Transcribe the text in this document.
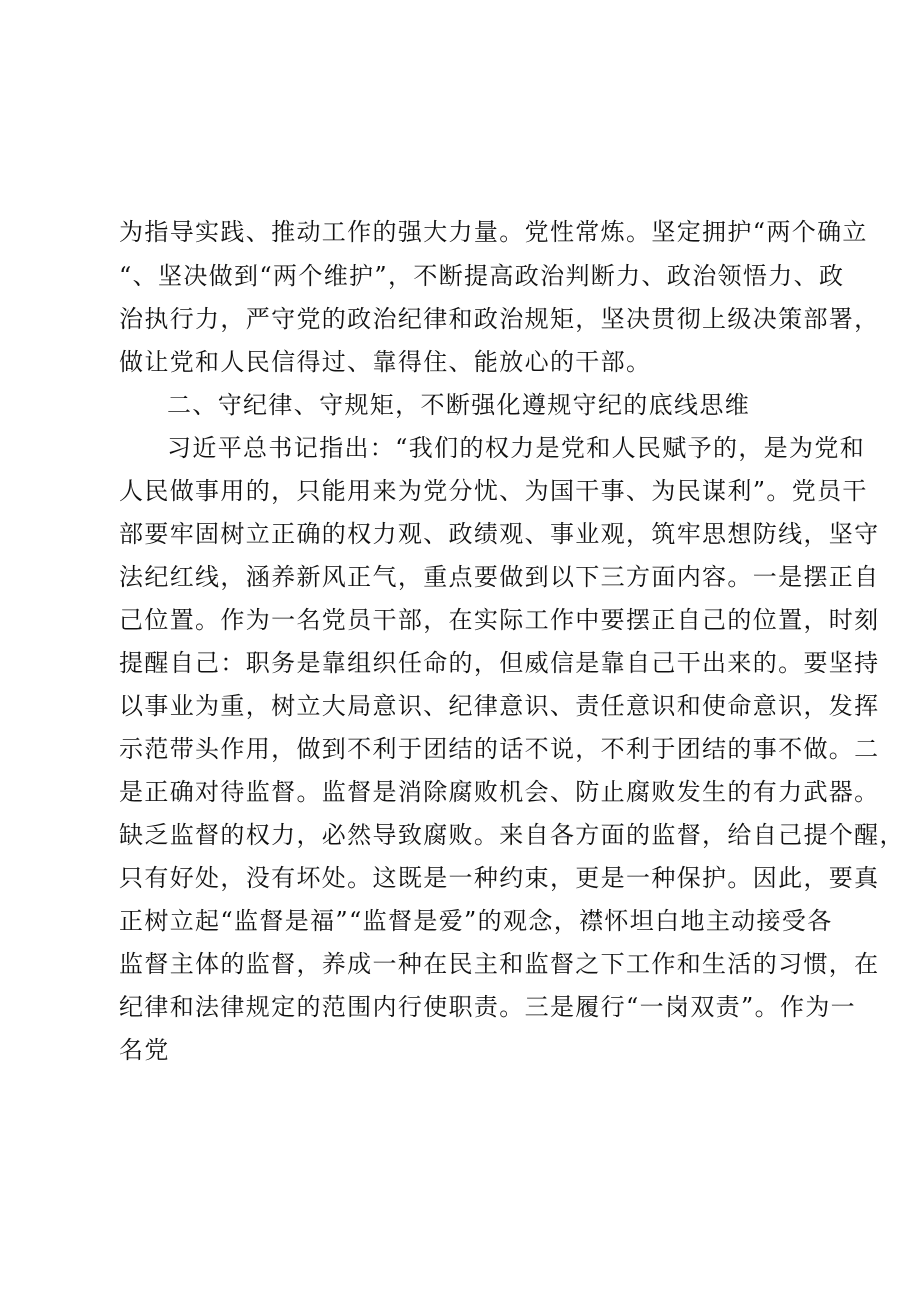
为指导实践、推动工作的强大力量。党性常炼。坚定拥护“两个确立
“、坚决做到“两个维护”，不断提高政治判断力、政治领悟力、政
治执行力，严守党的政治纪律和政治规矩，坚决贯彻上级决策部署，
做让党和人民信得过、靠得住、能放心的干部。
二、守纪律、守规矩，不断强化遵规守纪的底线思维
习近平总书记指出：“我们的权力是党和人民赋予的，是为党和
人民做事用的，只能用来为党分忧、为国干事、为民谋利”。党员干
部要牢固树立正确的权力观、政绩观、事业观，筑牢思想防线，坚守
法纪红线，涵养新风正气，重点要做到以下三方面内容。一是摆正自
己位置。作为一名党员干部，在实际工作中要摆正自己的位置，时刻
提醒自己：职务是靠组织任命的，但威信是靠自己干出来的。要坚持
以事业为重，树立大局意识、纪律意识、责任意识和使命意识，发挥
示范带头作用，做到不利于团结的话不说，不利于团结的事不做。二
是正确对待监督。监督是消除腐败机会、防止腐败发生的有力武器。
缺乏监督的权力，必然导致腐败。来自各方面的监督，给自己提个醒，
只有好处，没有坏处。这既是一种约束，更是一种保护。因此，要真
正树立起“监督是福”“监督是爱”的观念，襟怀坦白地主动接受各
监督主体的监督，养成一种在民主和监督之下工作和生活的习惯，在
纪律和法律规定的范围内行使职责。三是履行“一岗双责”。作为一
名党
